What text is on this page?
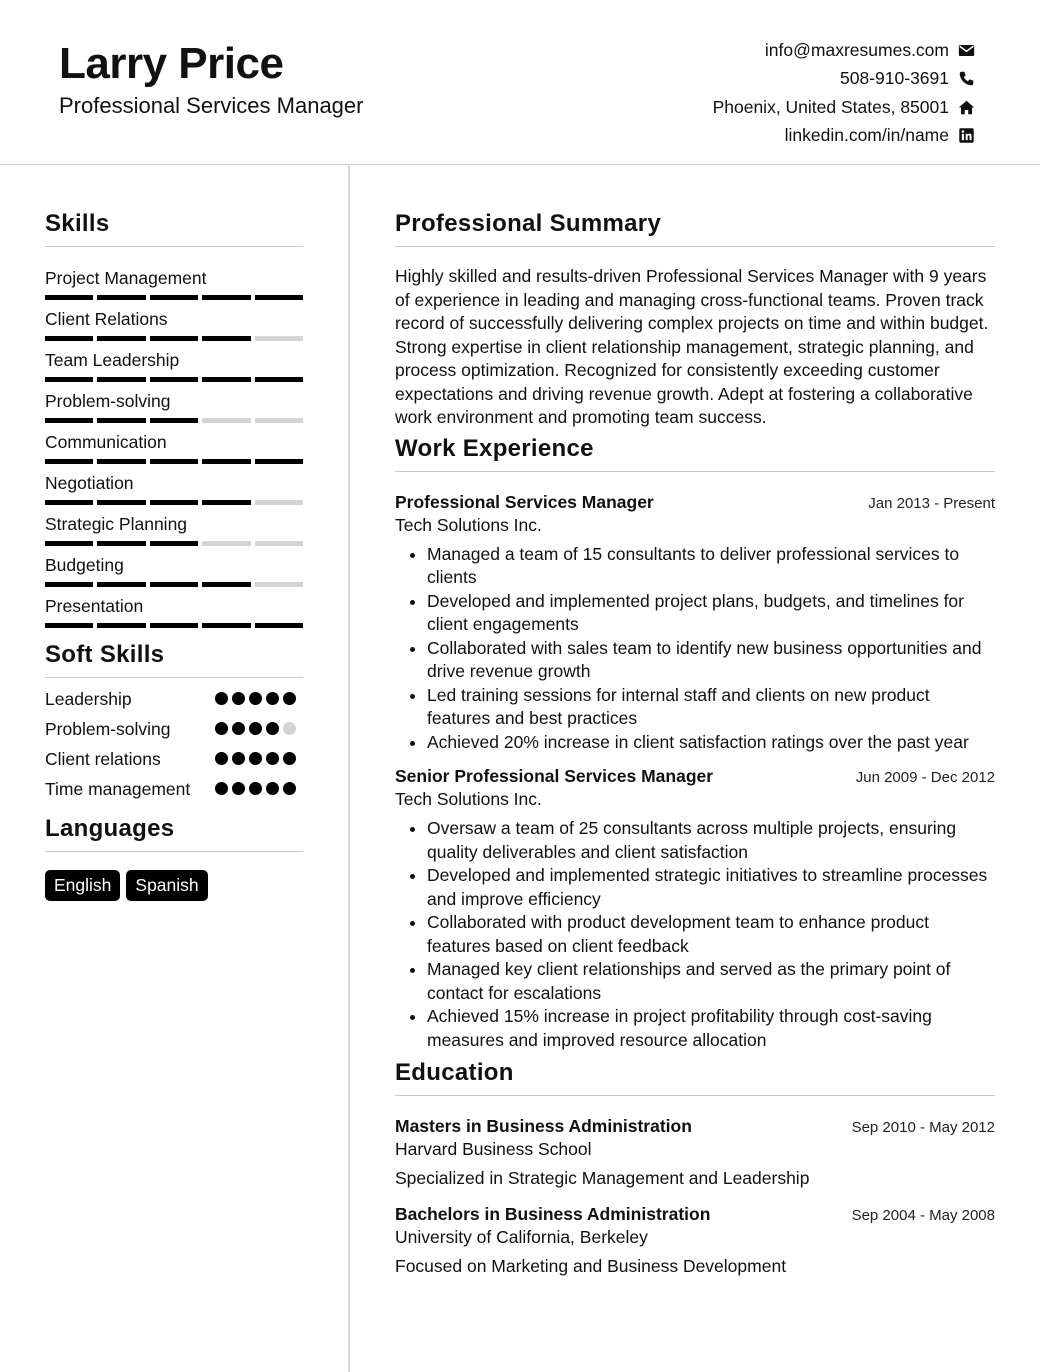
Larry Price
Professional Services Manager
info@maxresumes.com
508-910-3691
Phoenix, United States, 85001
linkedin.com/in/name
Skills
Project Management
Client Relations
Team Leadership
Problem-solving
Communication
Negotiation
Strategic Planning
Budgeting
Presentation
Soft Skills
Leadership
Problem-solving
Client relations
Time management
Languages
English	Spanish
Professional Summary

Highly skilled and results-driven Professional Services Manager with 9 years of experience in leading and managing cross-functional teams. Proven track record of successfully delivering complex projects on time and within budget. Strong expertise in client relationship management, strategic planning, and process optimization. Recognized for consistently exceeding customer expectations and driving revenue growth. Adept at fostering a collaborative work environment and promoting team success.

Work Experience
Professional Services Manager	Jan 2013 - Present
Tech Solutions Inc.
• Managed a team of 15 consultants to deliver professional services to clients
• Developed and implemented project plans, budgets, and timelines for client engagements
• Collaborated with sales team to identify new business opportunities and drive revenue growth
• Led training sessions for internal staff and clients on new product features and best practices
• Achieved 20% increase in client satisfaction ratings over the past year
Senior Professional Services Manager	Jun 2009 - Dec 2012
Tech Solutions Inc.
• Oversaw a team of 25 consultants across multiple projects, ensuring quality deliverables and client satisfaction
• Developed and implemented strategic initiatives to streamline processes and improve efficiency
• Collaborated with product development team to enhance product features based on client feedback
• Managed key client relationships and served as the primary point of contact for escalations
• Achieved 15% increase in project profitability through cost-saving measures and improved resource allocation
Education
Masters in Business Administration	Sep 2010 - May 2012
Harvard Business School
Specialized in Strategic Management and Leadership
Bachelors in Business Administration	Sep 2004 - May 2008
University of California, Berkeley
Focused on Marketing and Business Development
